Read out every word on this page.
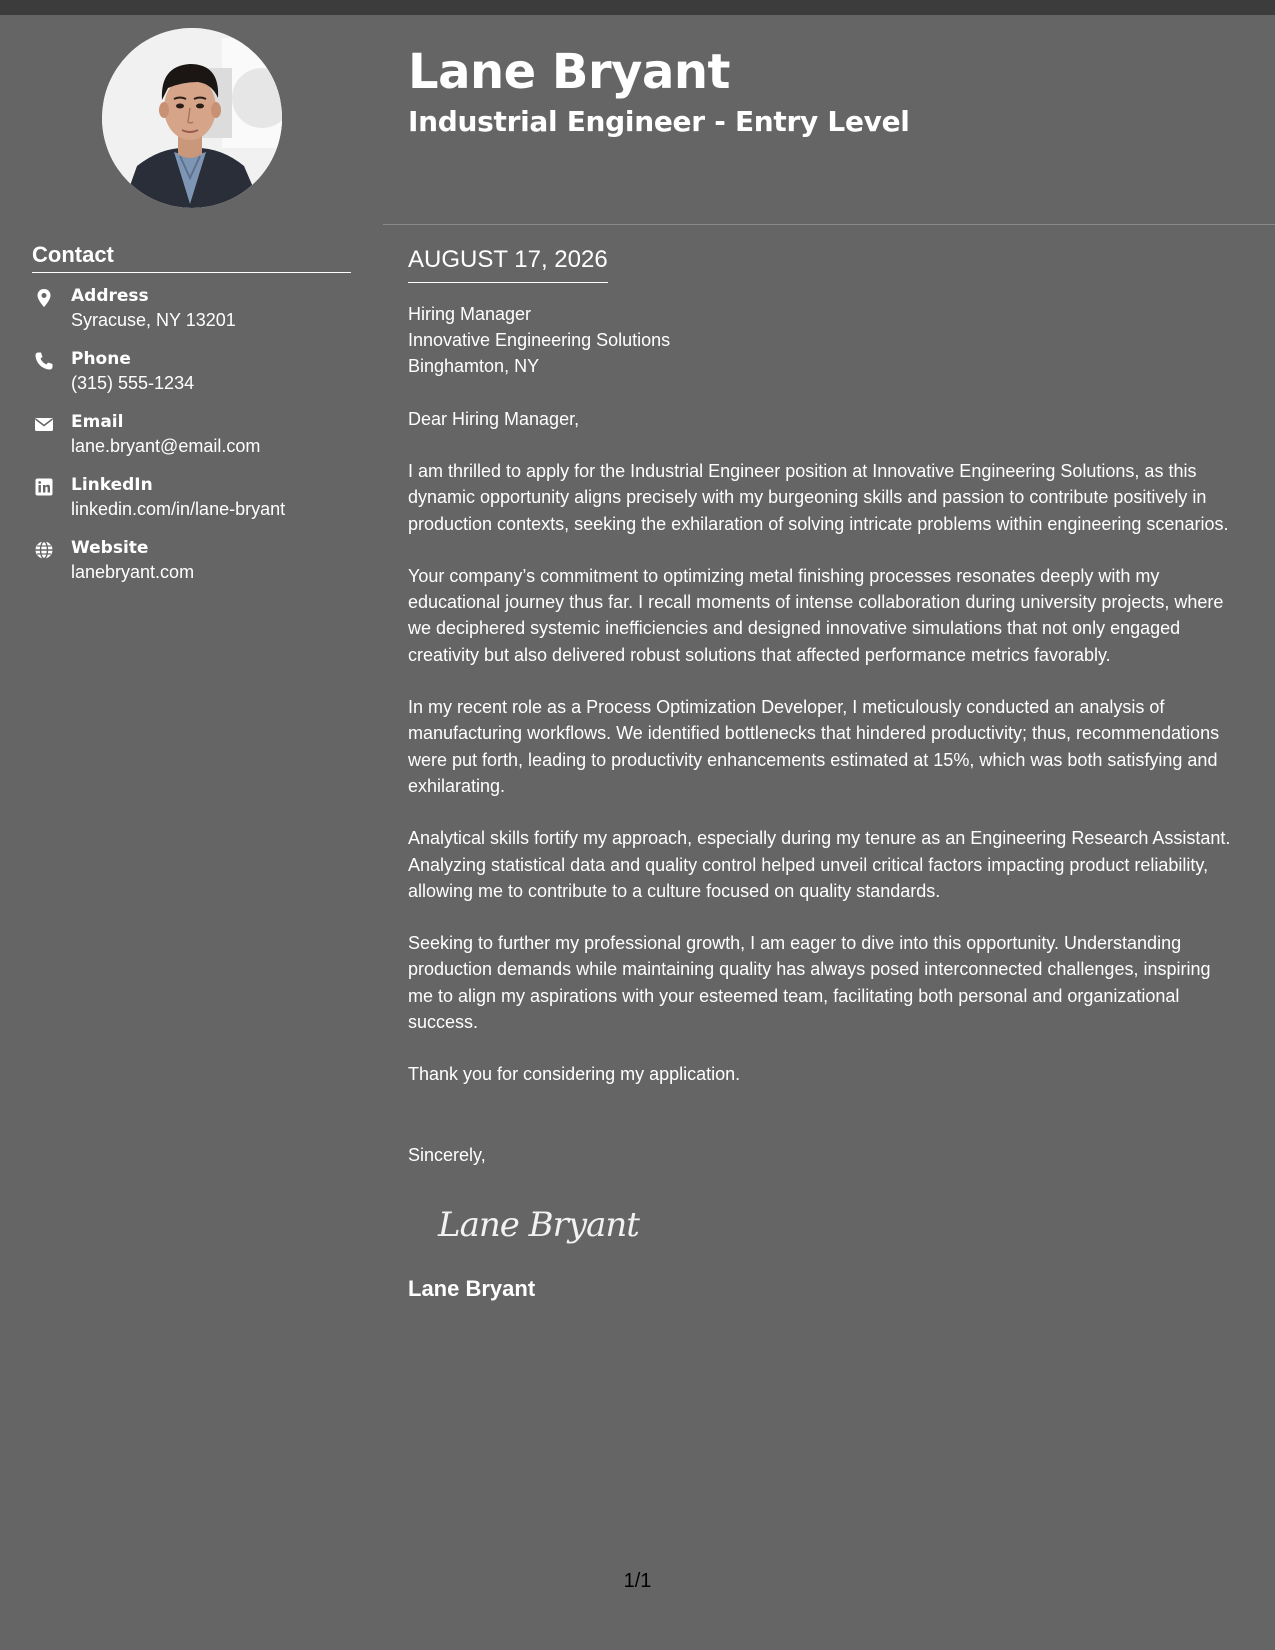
Lane Bryant
Industrial Engineer - Entry Level
Contact
Address
Syracuse, NY 13201
Phone
(315) 555-1234
Email
lane.bryant@email.com
LinkedIn
linkedin.com/in/lane-bryant
Website
lanebryant.com
AUGUST 17, 2026
Hiring Manager
Innovative Engineering Solutions
Binghamton, NY
Dear Hiring Manager,

I am thrilled to apply for the Industrial Engineer position at Innovative Engineering Solutions, as this dynamic opportunity aligns precisely with my burgeoning skills and passion to contribute positively in production contexts, seeking the exhilaration of solving intricate problems within engineering scenarios.

Your company’s commitment to optimizing metal finishing processes resonates deeply with my educational journey thus far. I recall moments of intense collaboration during university projects, where we deciphered systemic inefficiencies and designed innovative simulations that not only engaged creativity but also delivered robust solutions that affected performance metrics favorably.

In my recent role as a Process Optimization Developer, I meticulously conducted an analysis of manufacturing workflows. We identified bottlenecks that hindered productivity; thus, recommendations were put forth, leading to productivity enhancements estimated at 15%, which was both satisfying and exhilarating.

Analytical skills fortify my approach, especially during my tenure as an Engineering Research Assistant. Analyzing statistical data and quality control helped unveil critical factors impacting product reliability, allowing me to contribute to a culture focused on quality standards.

Seeking to further my professional growth, I am eager to dive into this opportunity. Understanding production demands while maintaining quality has always posed interconnected challenges, inspiring me to align my aspirations with your esteemed team, facilitating both personal and organizational success.

Thank you for considering my application.

Sincerely,
Lane Bryant
Lane Bryant
1/1
